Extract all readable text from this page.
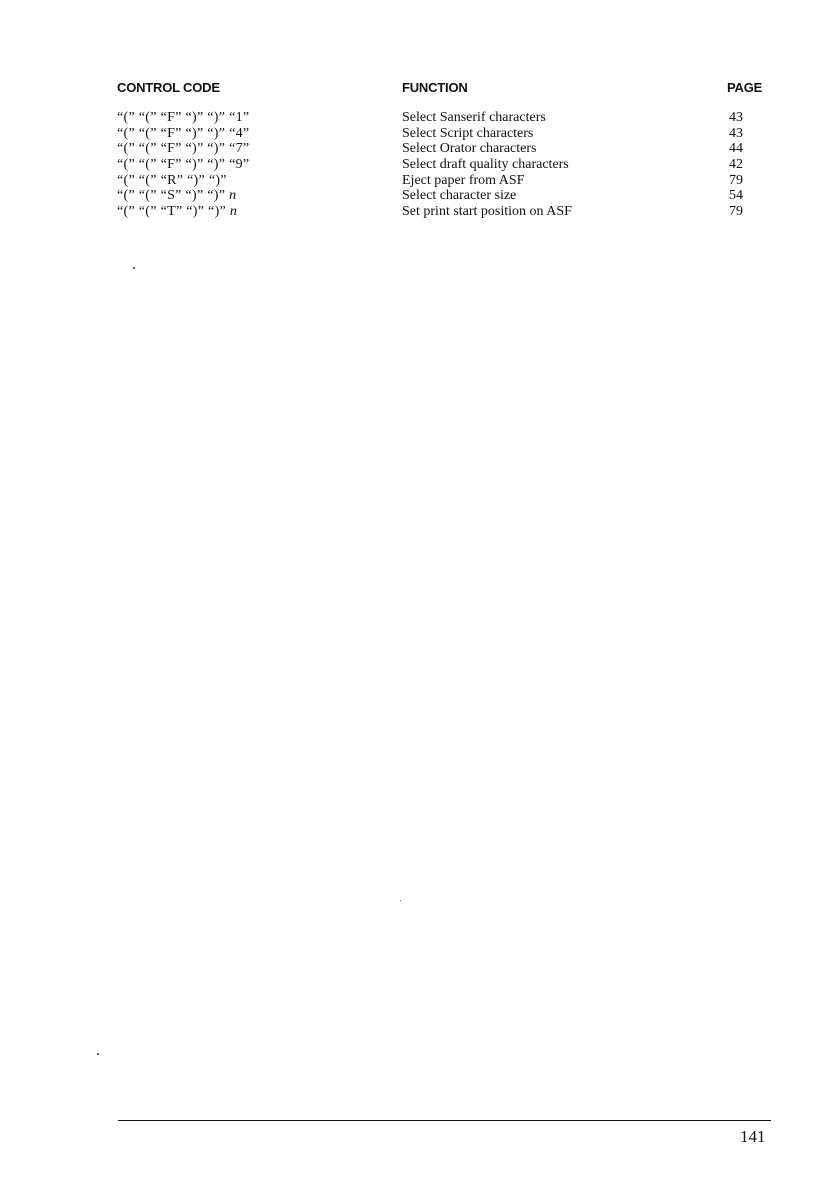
CONTROL CODE	FUNCTION	PAGE
“(” “(” “F” “)” “)” “1”	Select Sanserif characters	43
“(” “(” “F” “)” “)” “4”	Select Script characters	43
“(” “(” “F” “)” “)” “7”	Select Orator characters	44
“(” “(” “F” “)” “)” “9”	Select draft quality characters	42
“(” “(” “R” “)” “)”	Eject paper from ASF	79
“(” “(” “S” “)” “)” n	Select character size	54
“(” “(” “T” “)” “)” n	Set print start position on ASF	79
141
